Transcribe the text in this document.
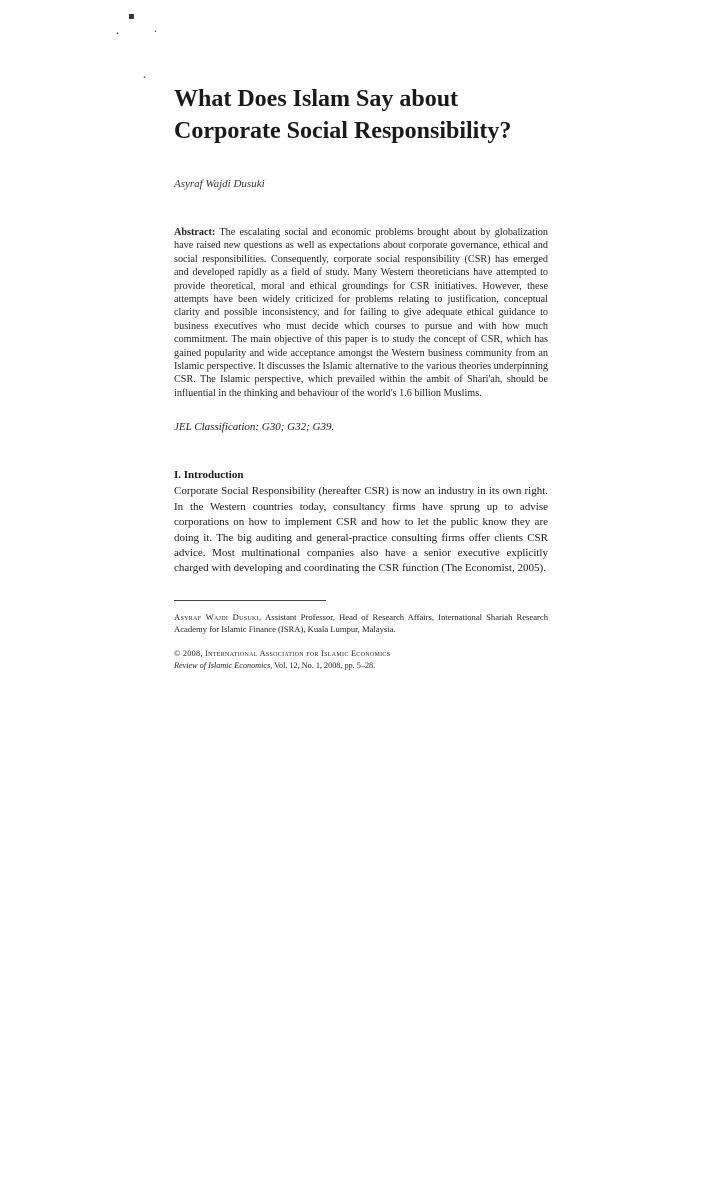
▪
•	•
•
What Does Islam Say about Corporate Social Responsibility?
Asyraf Wajdi Dusuki
Abstract: The escalating social and economic problems brought about by globalization have raised new questions as well as expectations about corporate governance, ethical and social responsibilities. Consequently, corporate social responsibility (CSR) has emerged and developed rapidly as a field of study. Many Western theoreticians have attempted to provide theoretical, moral and ethical groundings for CSR initiatives. However, these attempts have been widely criticized for problems relating to justification, conceptual clarity and possible inconsistency, and for failing to give adequate ethical guidance to business executives who must decide which courses to pursue and with how much commitment. The main objective of this paper is to study the concept of CSR, which has gained popularity and wide acceptance amongst the Western business community from an Islamic perspective. It discusses the Islamic alternative to the various theories underpinning CSR. The Islamic perspective, which prevailed within the ambit of Shari'ah, should be influential in the thinking and behaviour of the world's 1.6 billion Muslims.
JEL Classification: G30; G32; G39.
I. Introduction
Corporate Social Responsibility (hereafter CSR) is now an industry in its own right. In the Western countries today, consultancy firms have sprung up to advise corporations on how to implement CSR and how to let the public know they are doing it. The big auditing and general-practice consulting firms offer clients CSR advice. Most multinational companies also have a senior executive explicitly charged with developing and coordinating the CSR function (The Economist, 2005).
Asyraf Wajdi Dusuki, Assistant Professor, Head of Research Affairs, International Shariah Research Academy for Islamic Finance (ISRA), Kuala Lumpur, Malaysia.
© 2008, International Association for Islamic Economics
Review of Islamic Economics, Vol. 12, No. 1, 2008, pp. 5–28.
